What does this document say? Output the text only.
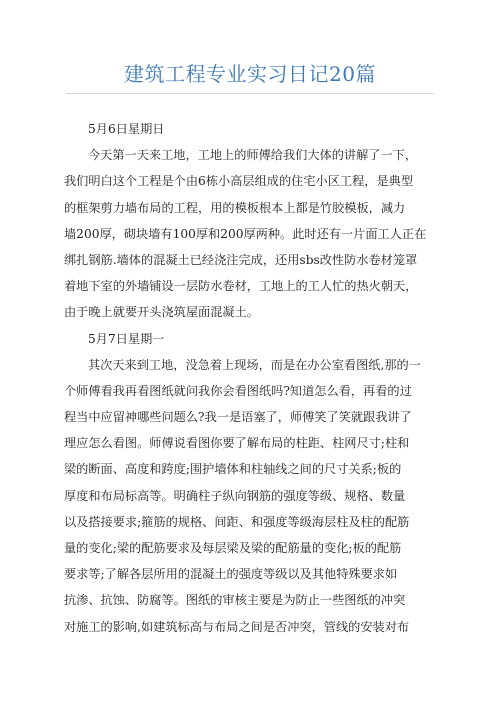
建筑工程专业实习日记20篇
5月6日星期日
今天第一天来工地，工地上的师傅给我们大体的讲解了一下，
我们明白这个工程是个由6栋小高层组成的住宅小区工程，是典型
的框架剪力墙布局的工程，用的模板根本上都是竹胶模板，减力
墙200厚，砌块墙有100厚和200厚两种。此时还有一片面工人正在
绑扎钢筋.墙体的混凝土已经浇注完成，还用sbs改性防水卷材笼罩
着地下室的外墙铺设一层防水卷材，工地上的工人忙的热火朝天，
由于晚上就要开头浇筑屋面混凝土。
5月7日星期一
其次天来到工地，没急着上现场，而是在办公室看图纸,那的一
个师傅看我再看图纸就问我你会看图纸吗?知道怎么看，再看的过
程当中应留神哪些问题么?我一是语塞了，师傅笑了笑就跟我讲了
理应怎么看图。师傅说看图你要了解布局的柱距、柱网尺寸;柱和
梁的断面、高度和跨度;围护墙体和柱轴线之间的尺寸关系;板的
厚度和布局标高等。明确柱子纵向钢筋的强度等级、规格、数量
以及搭接要求;箍筋的规格、间距、和强度等级海层柱及柱的配筋
量的变化;梁的配筋要求及每层梁及梁的配筋量的变化;板的配筋
要求等;了解各层所用的混凝土的强度等级以及其他特殊要求如
抗渗、抗蚀、防腐等。图纸的审核主要是为防止一些图纸的冲突
对施工的影响,如建筑标高与布局之间是否冲突，管线的安装对布
